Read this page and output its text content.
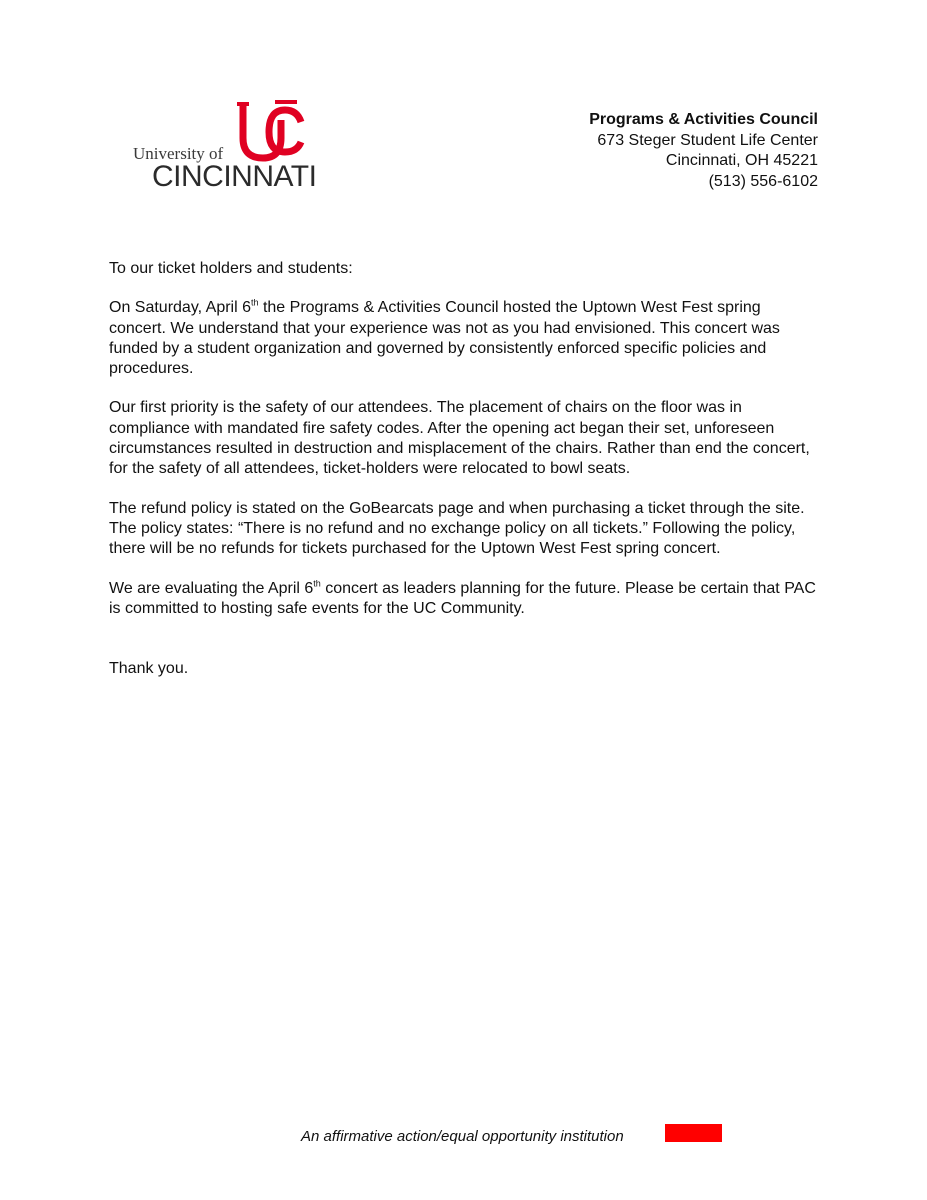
University of
CINCINNATI
Programs & Activities Council
673 Steger Student Life Center
Cincinnati, OH 45221
(513) 556-6102

To our ticket holders and students:

On Saturday, April 6th the Programs & Activities Council hosted the Uptown West Fest spring concert. We understand that your experience was not as you had envisioned. This concert was funded by a student organization and governed by consistently enforced specific policies and procedures.

Our first priority is the safety of our attendees. The placement of chairs on the floor was in compliance with mandated fire safety codes. After the opening act began their set, unforeseen circumstances resulted in destruction and misplacement of the chairs. Rather than end the concert, for the safety of all attendees, ticket-holders were relocated to bowl seats.

The refund policy is stated on the GoBearcats page and when purchasing a ticket through the site. The policy states: “There is no refund and no exchange policy on all tickets.” Following the policy, there will be no refunds for tickets purchased for the Uptown West Fest spring concert.

We are evaluating the April 6th concert as leaders planning for the future. Please be certain that PAC is committed to hosting safe events for the UC Community.

Thank you.

An affirmative action/equal opportunity institution
